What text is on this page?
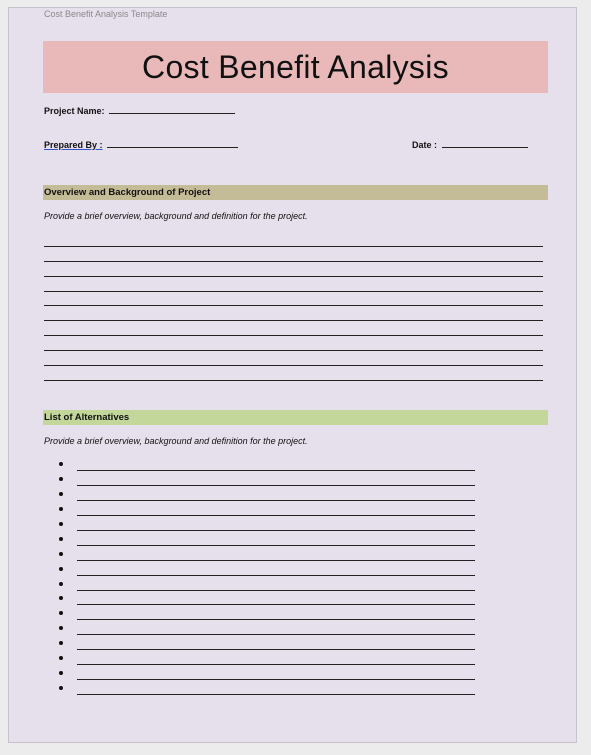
Cost Benefit Analysis Template
Cost Benefit Analysis
Project Name:
Prepared By :	Date :
Overview and Background of Project
Provide a brief overview, background and definition for the project.
List of Alternatives
Provide a brief overview, background and definition for the project.
